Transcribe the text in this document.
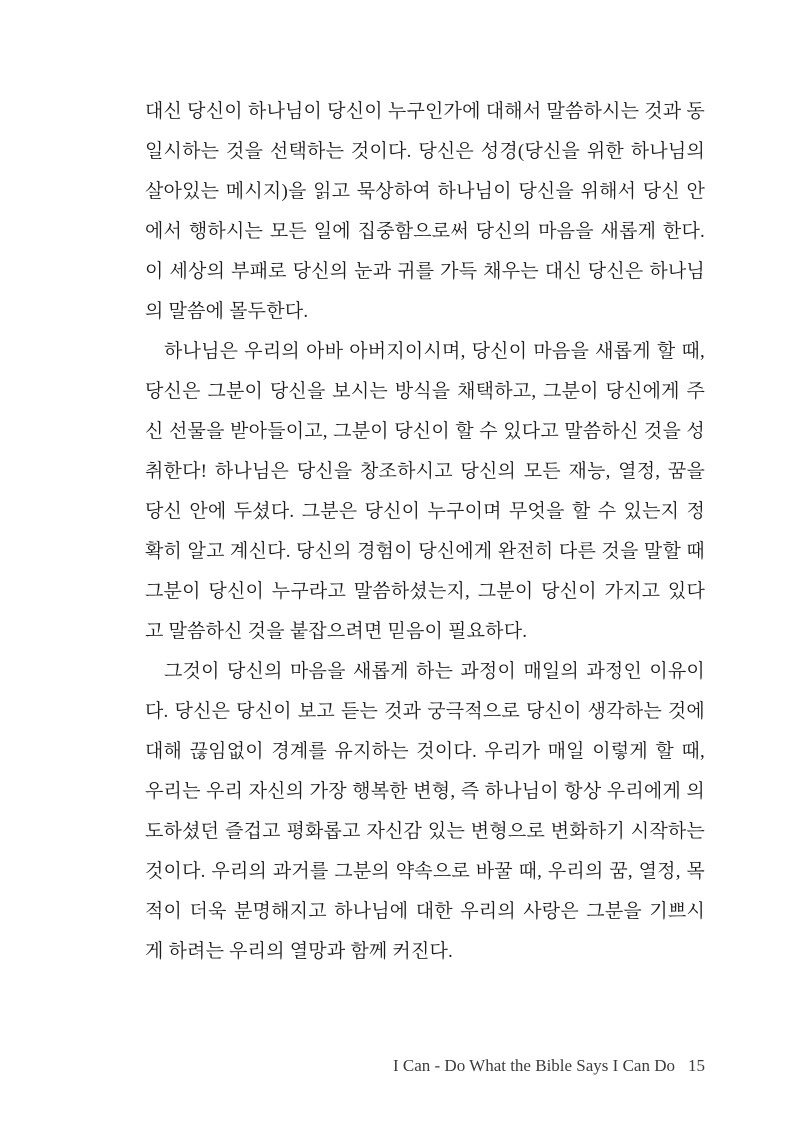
대신 당신이 하나님이 당신이 누구인가에 대해서 말씀하시는 것과 동
일시하는 것을 선택하는 것이다. 당신은 성경(당신을 위한 하나님의
살아있는 메시지)을 읽고 묵상하여 하나님이 당신을 위해서 당신 안
에서 행하시는 모든 일에 집중함으로써 당신의 마음을 새롭게 한다.
이 세상의 부패로 당신의 눈과 귀를 가득 채우는 대신 당신은 하나님
의 말씀에 몰두한다.
하나님은 우리의 아바 아버지이시며, 당신이 마음을 새롭게 할 때,
당신은 그분이 당신을 보시는 방식을 채택하고, 그분이 당신에게 주
신 선물을 받아들이고, 그분이 당신이 할 수 있다고 말씀하신 것을 성
취한다! 하나님은 당신을 창조하시고 당신의 모든 재능, 열정, 꿈을
당신 안에 두셨다. 그분은 당신이 누구이며 무엇을 할 수 있는지 정
확히 알고 계신다. 당신의 경험이 당신에게 완전히 다른 것을 말할 때
그분이 당신이 누구라고 말씀하셨는지, 그분이 당신이 가지고 있다
고 말씀하신 것을 붙잡으려면 믿음이 필요하다.
그것이 당신의 마음을 새롭게 하는 과정이 매일의 과정인 이유이
다. 당신은 당신이 보고 듣는 것과 궁극적으로 당신이 생각하는 것에
대해 끊임없이 경계를 유지하는 것이다. 우리가 매일 이렇게 할 때,
우리는 우리 자신의 가장 행복한 변형, 즉 하나님이 항상 우리에게 의
도하셨던 즐겁고 평화롭고 자신감 있는 변형으로 변화하기 시작하는
것이다. 우리의 과거를 그분의 약속으로 바꿀 때, 우리의 꿈, 열정, 목
적이 더욱 분명해지고 하나님에 대한 우리의 사랑은 그분을 기쁘시
게 하려는 우리의 열망과 함께 커진다.
I Can - Do What the Bible Says I Can Do 15
